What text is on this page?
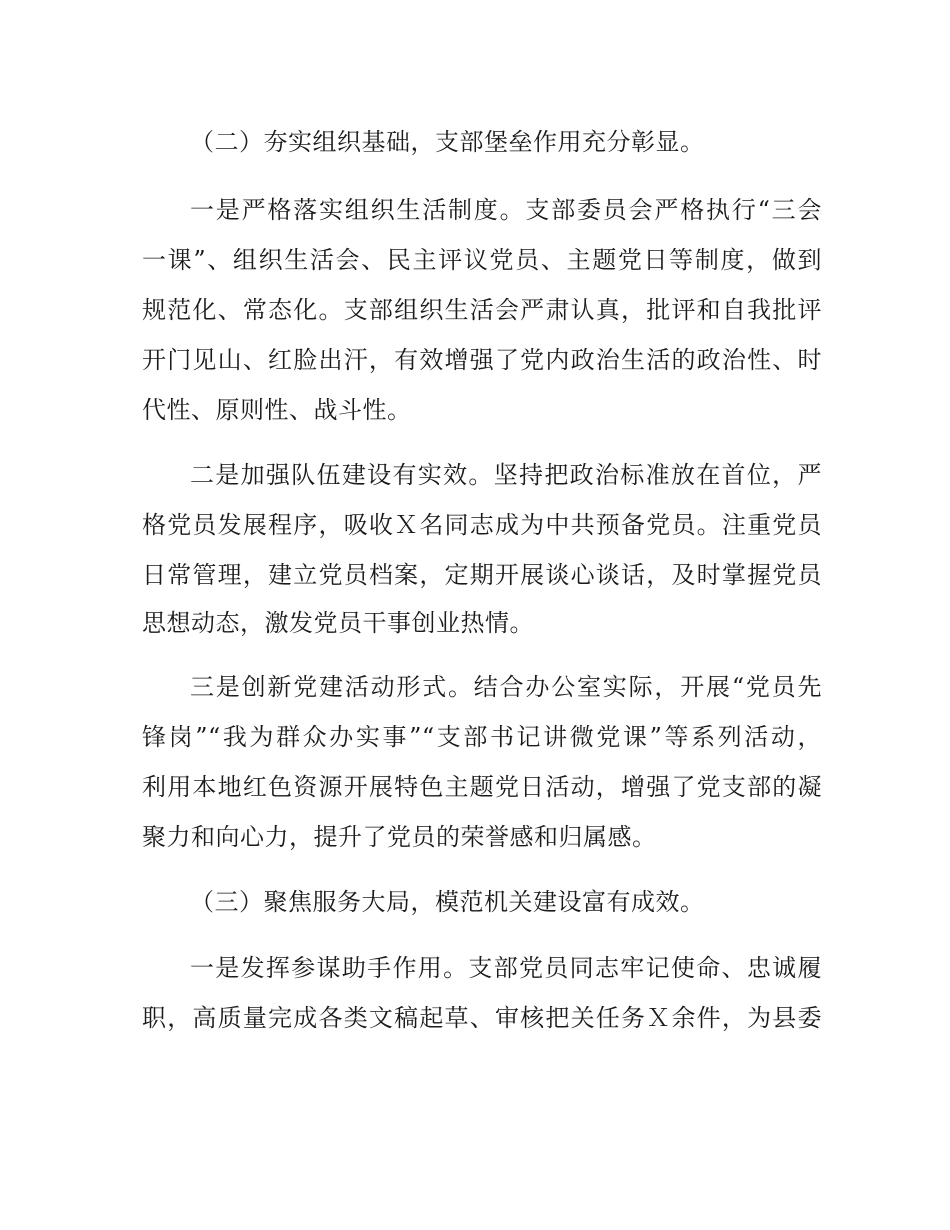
（二）夯实组织基础，支部堡垒作用充分彰显。
一是严格落实组织生活制度。支部委员会严格执行“三会
一课”、组织生活会、民主评议党员、主题党日等制度，做到
规范化、常态化。支部组织生活会严肃认真，批评和自我批评
开门见山、红脸出汗，有效增强了党内政治生活的政治性、时
代性、原则性、战斗性。
二是加强队伍建设有实效。坚持把政治标准放在首位，严
格党员发展程序，吸收Ｘ名同志成为中共预备党员。注重党员
日常管理，建立党员档案，定期开展谈心谈话，及时掌握党员
思想动态，激发党员干事创业热情。
三是创新党建活动形式。结合办公室实际，开展“党员先
锋岗”“我为群众办实事”“支部书记讲微党课”等系列活动，
利用本地红色资源开展特色主题党日活动，增强了党支部的凝
聚力和向心力，提升了党员的荣誉感和归属感。
（三）聚焦服务大局，模范机关建设富有成效。
一是发挥参谋助手作用。支部党员同志牢记使命、忠诚履
职，高质量完成各类文稿起草、审核把关任务Ｘ余件，为县委
